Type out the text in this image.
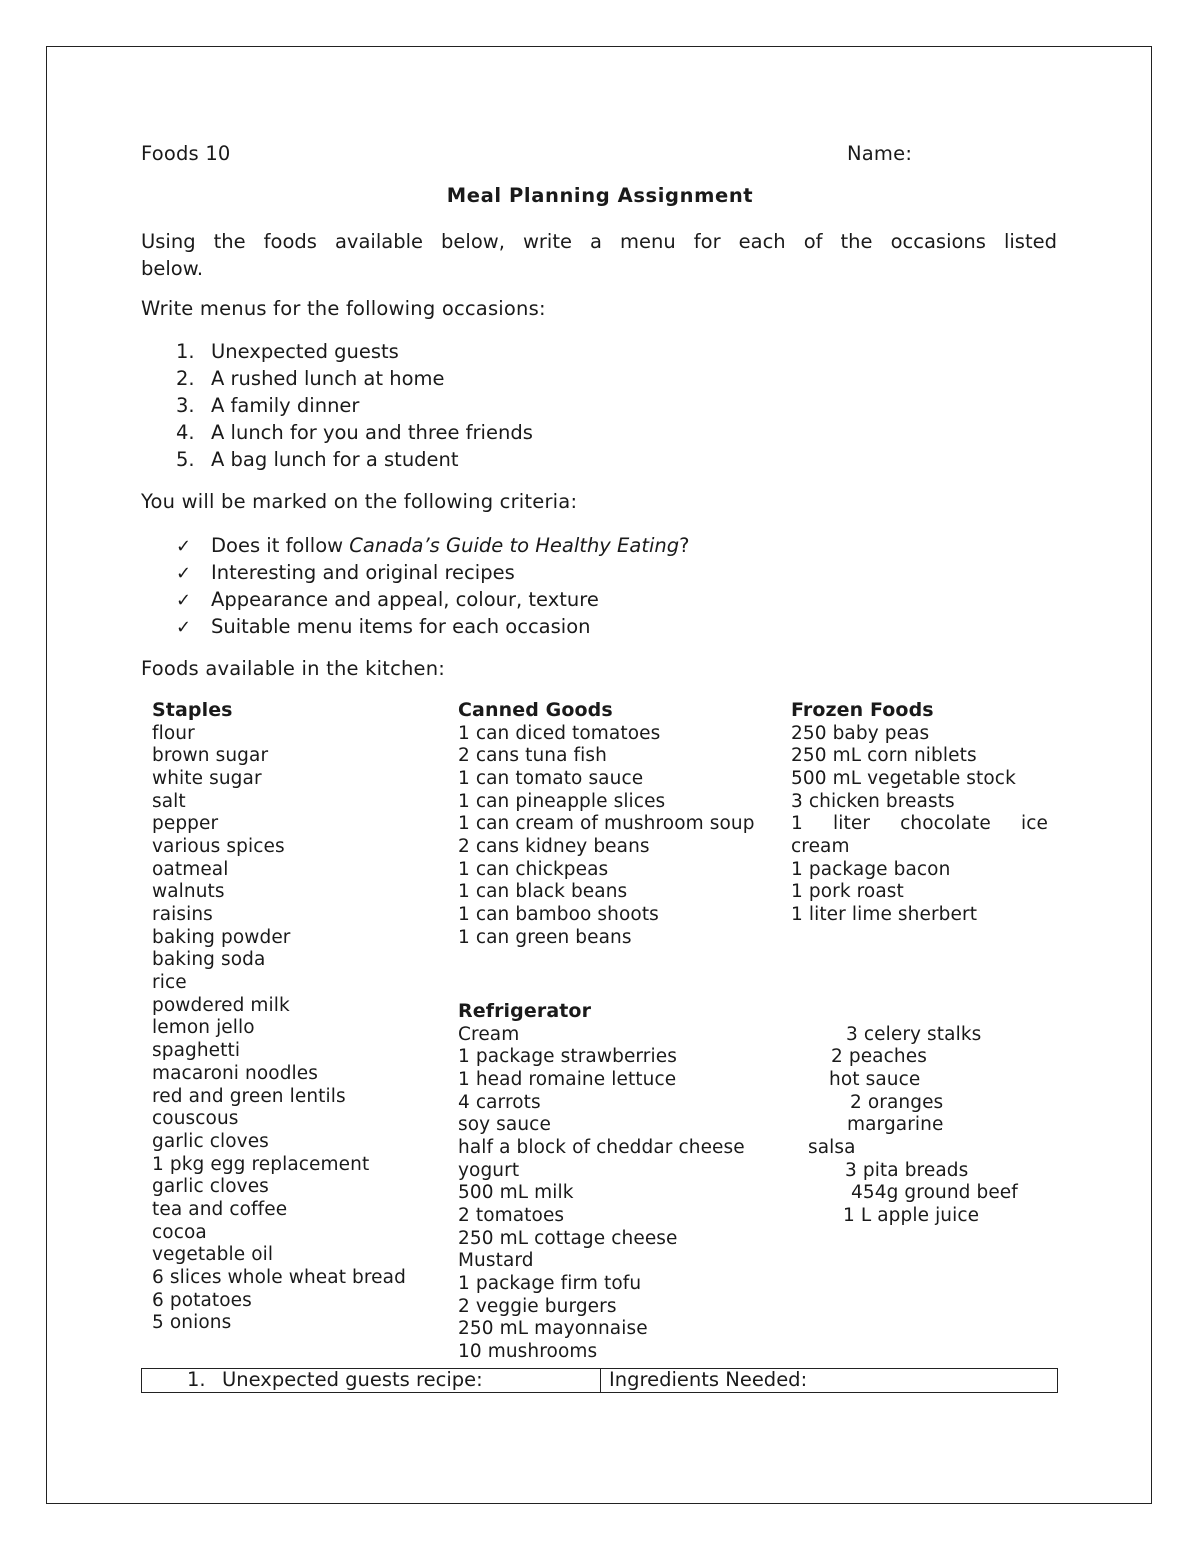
Foods 10	Name:
Meal Planning Assignment
Using the foods available below, write a menu for each of the occasions listed below.
Write menus for the following occasions:
1. Unexpected guests
2. A rushed lunch at home
3. A family dinner
4. A lunch for you and three friends
5. A bag lunch for a student
You will be marked on the following criteria:
✓ Does it follow Canada’s Guide to Healthy Eating?
✓ Interesting and original recipes
✓ Appearance and appeal, colour, texture
✓ Suitable menu items for each occasion
Foods available in the kitchen:
Staples
flour
brown sugar
white sugar
salt
pepper
various spices
oatmeal
walnuts
raisins
baking powder
baking soda
rice
powdered milk
lemon jello
spaghetti
macaroni noodles
red and green lentils
couscous
garlic cloves
1 pkg egg replacement
garlic cloves
tea and coffee
cocoa
vegetable oil
6 slices whole wheat bread
6 potatoes
5 onions
Canned Goods
1 can diced tomatoes
2 cans tuna fish
1 can tomato sauce
1 can pineapple slices
1 can cream of mushroom soup
2 cans kidney beans
1 can chickpeas
1 can black beans
1 can bamboo shoots
1 can green beans
Frozen Foods
250 baby peas
250 mL corn niblets
500 mL vegetable stock
3 chicken breasts
1 liter chocolate ice
cream
1 package bacon
1 pork roast
1 liter lime sherbert
Refrigerator
Cream
1 package strawberries
1 head romaine lettuce
4 carrots
soy sauce
half a block of cheddar cheese
yogurt
500 mL milk
2 tomatoes
250 mL cottage cheese
Mustard
1 package firm tofu
2 veggie burgers
250 mL mayonnaise
10 mushrooms
3 celery stalks
2 peaches
hot sauce
2 oranges
margarine
salsa
3 pita breads
454g ground beef
1 L apple juice
1. Unexpected guests recipe:	Ingredients Needed:
